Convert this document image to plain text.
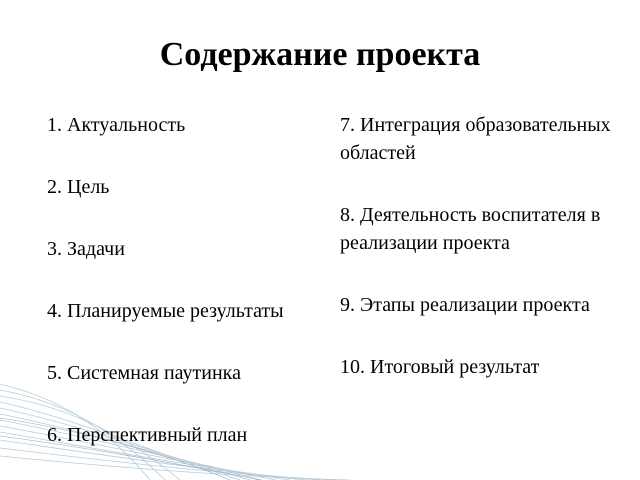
Содержание проекта
1. Актуальность
2. Цель
3. Задачи
4. Планируемые результаты
5. Системная паутинка
6. Перспективный план
7. Интеграция образовательных областей
8. Деятельность воспитателя в реализации проекта
9. Этапы реализации проекта
10. Итоговый результат
